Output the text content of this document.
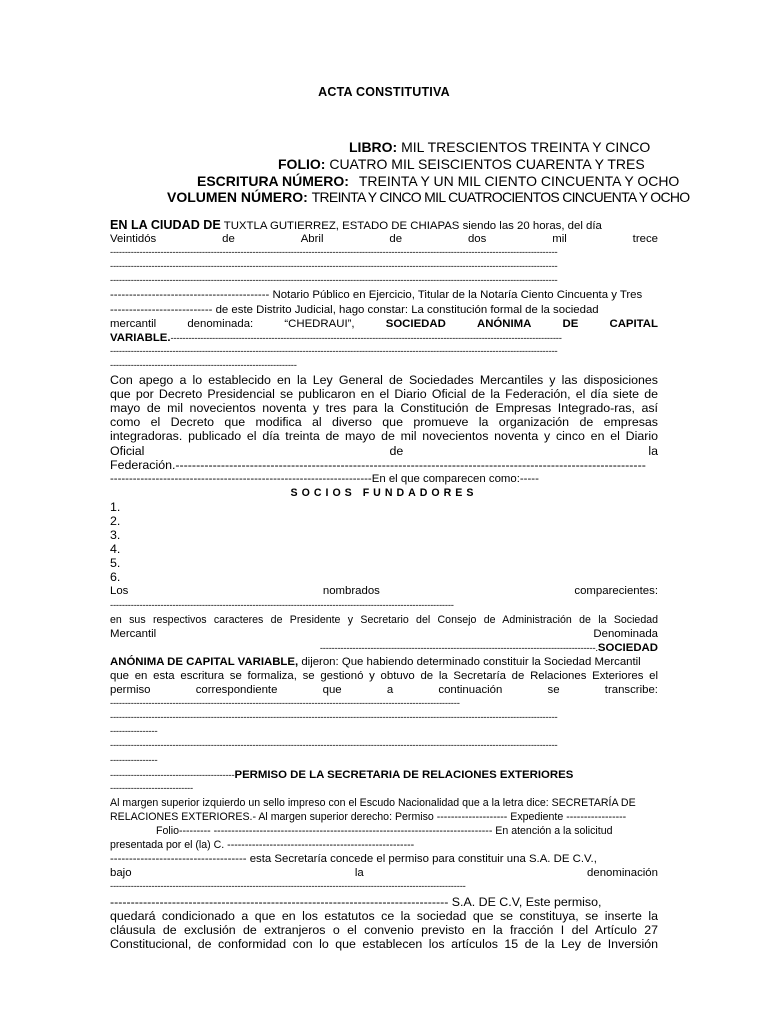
ACTA CONSTITUTIVA
LIBRO: MIL TRESCIENTOS TREINTA Y CINCO
FOLIO: CUATRO MIL SEISCIENTOS CUARENTA Y TRES
ESCRITURA NÚMERO: TREINTA Y UN MIL CIENTO CINCUENTA Y OCHO
VOLUMEN NÚMERO: TREINTA Y CINCO MIL CUATROCIENTOS CINCUENTA Y OCHO
EN LA CIUDAD DE TUXTLA GUTIERREZ, ESTADO DE CHIAPAS siendo las 20 horas, del día
Veintidós	de	Abril	de	dos	mil	trece
-------------------------------------------------------------------------------------------------------------------------------------------------------
-------------------------------------------------------------------------------------------------------------------------------------------------------
-------------------------------------------------------------------------------------------------------------------------------------------------------
------------------------------------------ Notario Público en Ejercicio, Titular de la Notaría Ciento Cincuenta y Tres
--------------------------- de este Distrito Judicial, hago constar: La constitución formal de la sociedad
mercantil	denominada:	“CHEDRAUI”,	SOCIEDAD	ANÓNIMA	DE	CAPITAL
VARIABLE.------------------------------------------------------------------------------------------------------------------------------------
-------------------------------------------------------------------------------------------------------------------------------------------------------
---------------------------------------------------------------
Con apego a lo establecido en la Ley General de Sociedades Mercantiles y las disposiciones
que por Decreto Presidencial se publicaron en el Diario Oficial de la Federación, el día siete de
mayo de mil novecientos noventa y tres para la Constitución de Empresas Integrado-ras, así
como el Decreto que modifica al diverso que promueve la organización de empresas
integradoras. publicado el día treinta de mayo de mil novecientos noventa y cinco en el Diario
Oficial	de	la
Federación.------------------------------------------------------------------------------------------------------------------
---------------------------------------------------------------------En el que comparecen como:-----
SOCIOS FUNDADORES
1.
2.
3.
4.
5.
6.
Los	nombrados	comparecientes:
--------------------------------------------------------------------------------------------------------------------
en sus respectivos caracteres de Presidente y Secretario del Consejo de Administración de la Sociedad
Mercantil	Denominada
---------------------------------------------------------------------------------------------.SOCIEDAD
ANÓNIMA DE CAPITAL VARIABLE, dijeron: Que habiendo determinado constituir la Sociedad Mercantil
que en esta escritura se formaliza, se gestionó y obtuvo de la Secretaría de Relaciones Exteriores el
permiso	correspondiente	que	a	continuación	se	transcribe:
----------------------------------------------------------------------------------------------------------------------
-------------------------------------------------------------------------------------------------------------------------------------------------------
----------------
-------------------------------------------------------------------------------------------------------------------------------------------------------
----------------
------------------------------------------PERMISO DE LA SECRETARIA DE RELACIONES EXTERIORES
----------------------------
Al margen superior izquierdo un sello impreso con el Escudo Nacionalidad que a la letra dice: SECRETARÍA DE
RELACIONES EXTERIORES.- Al margen superior derecho: Permiso -------------------- Expediente -----------------
Folio--------- ------------------------------------------------------------------------------- En atención a la solicitud
presentada por el (la) C. -----------------------------------------------------
------------------------------------ esta Secretaría concede el permiso para constituir una S.A. DE C.V.,
bajo	la	denominación
------------------------------------------------------------------------------------------------------------------------
---------------------------------------------------------------------------------- S.A. DE C.V, Este permiso,
quedará condicionado a que en los estatutos ce la sociedad que se constituya, se inserte la
cláusula de exclusión de extranjeros o el convenio previsto en la fracción I del Artículo 27
Constitucional, de conformidad con lo que establecen los artículos 15 de la Ley de Inversión
